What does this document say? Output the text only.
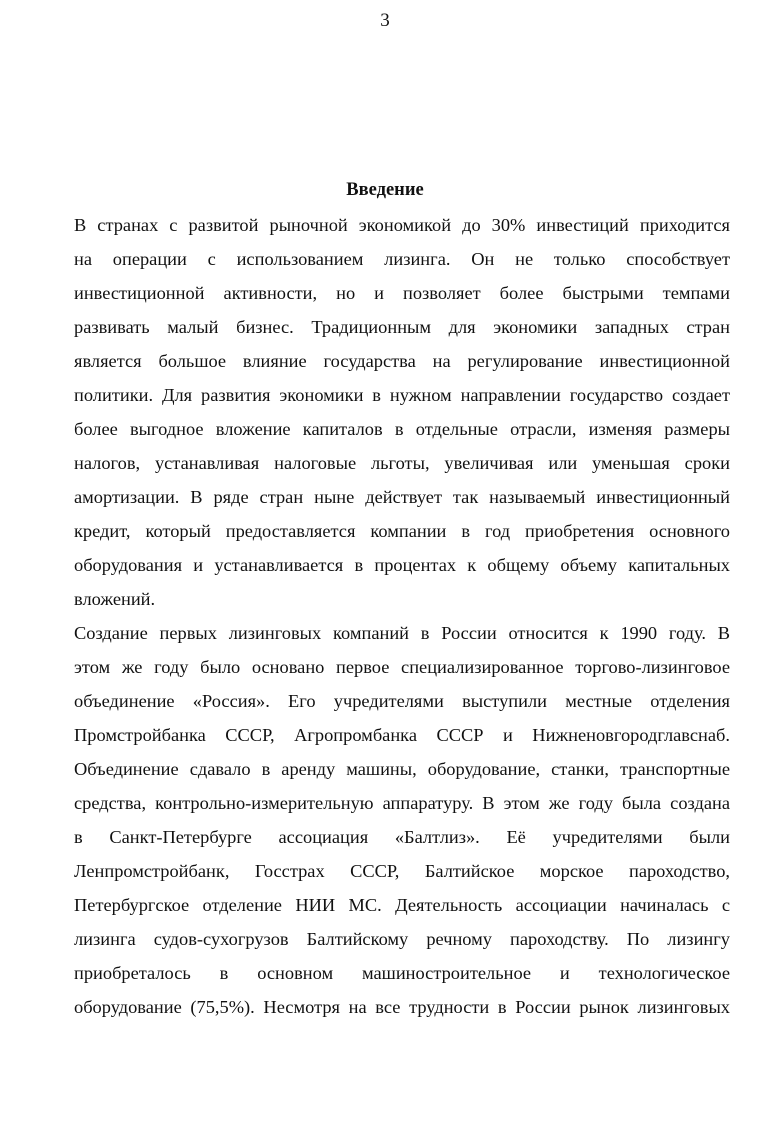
3
Введение

В странах с развитой рыночной экономикой до 30% инвестиций приходится
на операции с использованием лизинга. Он не только способствует
инвестиционной активности, но и позволяет более быстрыми темпами
развивать малый бизнес. Традиционным для экономики западных стран
является большое влияние государства на регулирование инвестиционной
политики. Для развития экономики в нужном направлении государство создает
более выгодное вложение капиталов в отдельные отрасли, изменяя размеры
налогов, устанавливая налоговые льготы, увеличивая или уменьшая сроки
амортизации. В ряде стран ныне действует так называемый инвестиционный
кредит, который предоставляется компании в год приобретения основного
оборудования и устанавливается в процентах к общему объему капитальных
вложений.

Создание первых лизинговых компаний в России относится к 1990 году. В
этом же году было основано первое специализированное торгово-лизинговое
объединение «Россия». Его учредителями выступили местные отделения
Промстройбанка СССР, Агропромбанка СССР и Нижненовгородглавснаб.
Объединение сдавало в аренду машины, оборудование, станки, транспортные
средства, контрольно-измерительную аппаратуру. В этом же году была создана
в Санкт-Петербурге ассоциация «Балтлиз». Её учредителями были
Ленпромстройбанк, Госстрах СССР, Балтийское морское пароходство,
Петербургское отделение НИИ МС. Деятельность ассоциации начиналась с
лизинга судов-сухогрузов Балтийскому речному пароходству. По лизингу
приобреталось в основном машиностроительное и технологическое
оборудование (75,5%). Несмотря на все трудности в России рынок лизинговых
